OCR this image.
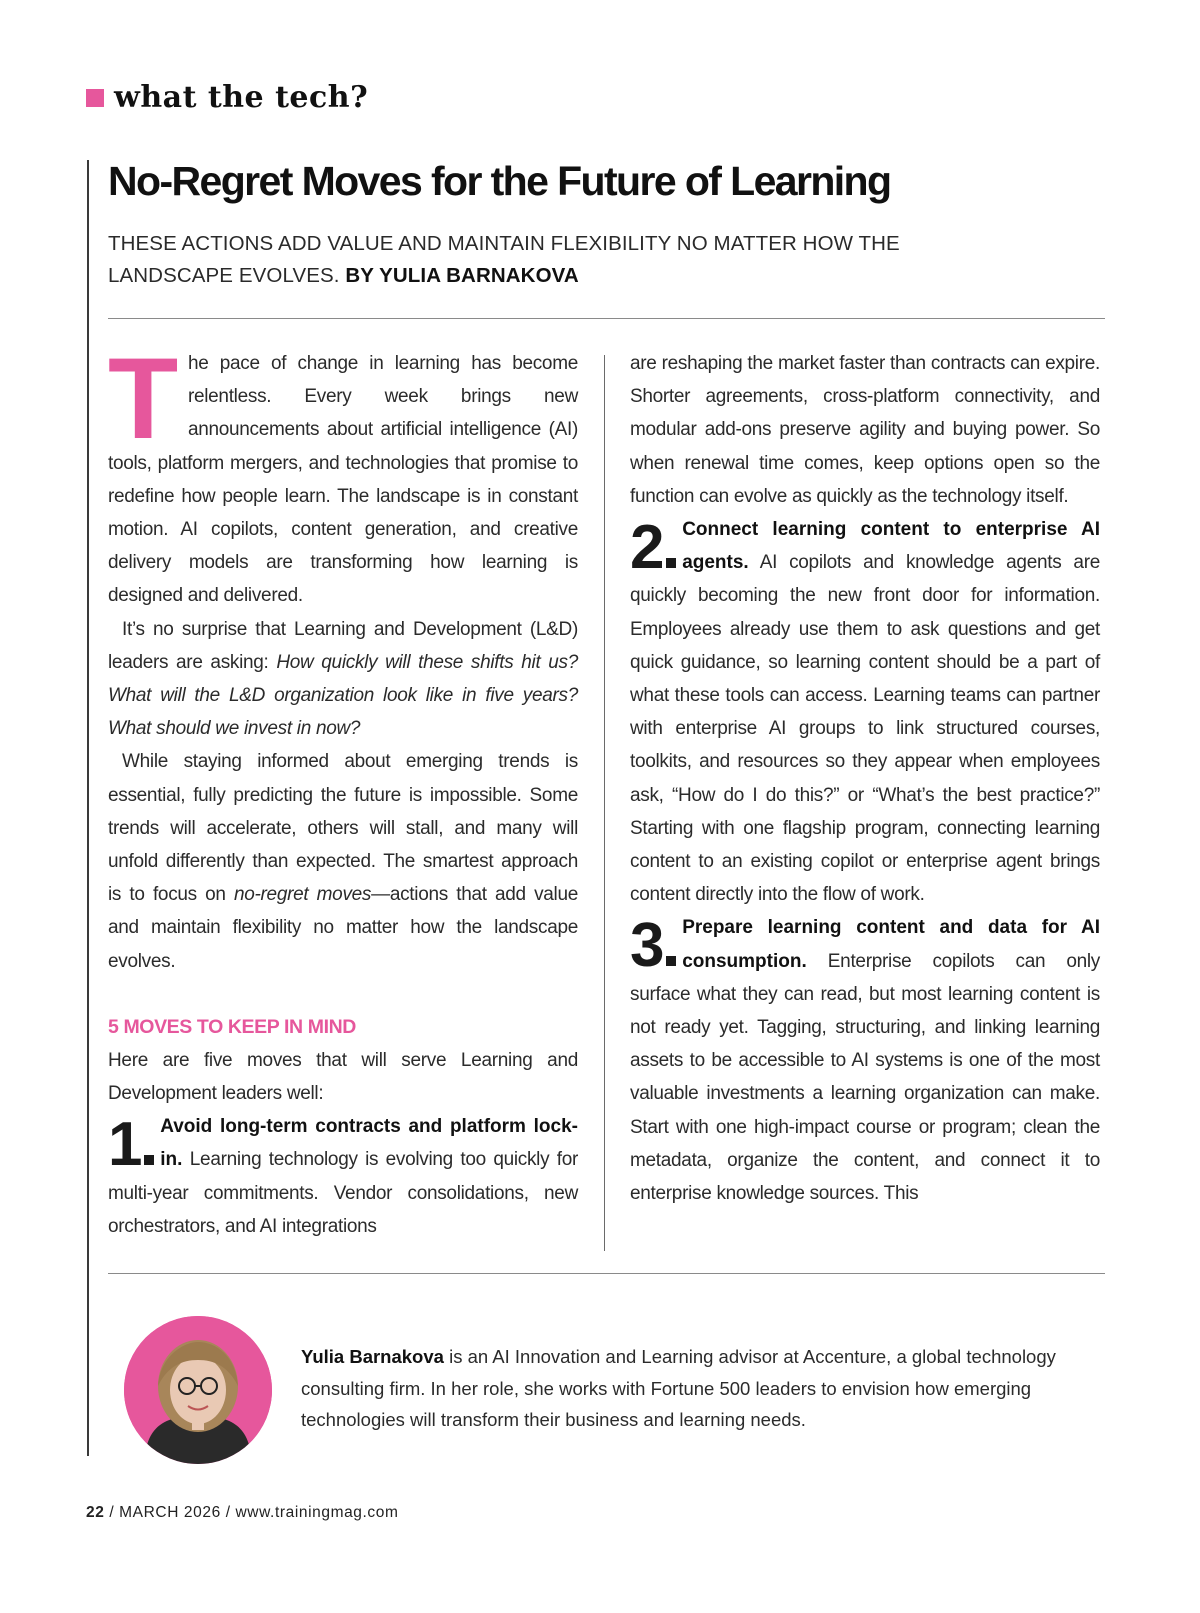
what the tech?
No-Regret Moves for the Future of Learning
THESE ACTIONS ADD VALUE AND MAINTAIN FLEXIBILITY NO MATTER HOW THE LANDSCAPE EVOLVES. BY YULIA BARNAKOVA

The pace of change in learning has become relentless. Every week brings new announcements about artificial intelligence (AI) tools, platform mergers, and technologies that promise to redefine how people learn. The landscape is in constant motion. AI copilots, content generation, and creative delivery models are transforming how learning is designed and delivered.

It’s no surprise that Learning and Development (L&D) leaders are asking: How quickly will these shifts hit us? What will the L&D organization look like in five years? What should we invest in now?

While staying informed about emerging trends is essential, fully predicting the future is impossible. Some trends will accelerate, others will stall, and many will unfold differently than expected. The smartest approach is to focus on no-regret moves—actions that add value and maintain flexibility no matter how the landscape evolves.

5 MOVES TO KEEP IN MIND

Here are five moves that will serve Learning and Development leaders well:

1 Avoid long-term contracts and platform lock-in. Learning technology is evolving too quickly for multi-year commitments. Vendor consolidations, new orchestrators, and AI integrations

are reshaping the market faster than contracts can expire. Shorter agreements, cross-platform connectivity, and modular add-ons preserve agility and buying power. So when renewal time comes, keep options open so the function can evolve as quickly as the technology itself.

2 Connect learning content to enterprise AI agents. AI copilots and knowledge agents are quickly becoming the new front door for information. Employees already use them to ask questions and get quick guidance, so learning content should be a part of what these tools can access. Learning teams can partner with enterprise AI groups to link structured courses, toolkits, and resources so they appear when employees ask, “How do I do this?” or “What’s the best practice?” Starting with one flagship program, connecting learning content to an existing copilot or enterprise agent brings content directly into the flow of work.

3 Prepare learning content and data for AI consumption. Enterprise copilots can only surface what they can read, but most learning content is not ready yet. Tagging, structuring, and linking learning assets to be accessible to AI systems is one of the most valuable investments a learning organization can make. Start with one high-impact course or program; clean the metadata, organize the content, and connect it to enterprise knowledge sources. This

Yulia Barnakova is an AI Innovation and Learning advisor at Accenture, a global technology consulting firm. In her role, she works with Fortune 500 leaders to envision how emerging technologies will transform their business and learning needs.
22 / MARCH 2026 / www.trainingmag.com
